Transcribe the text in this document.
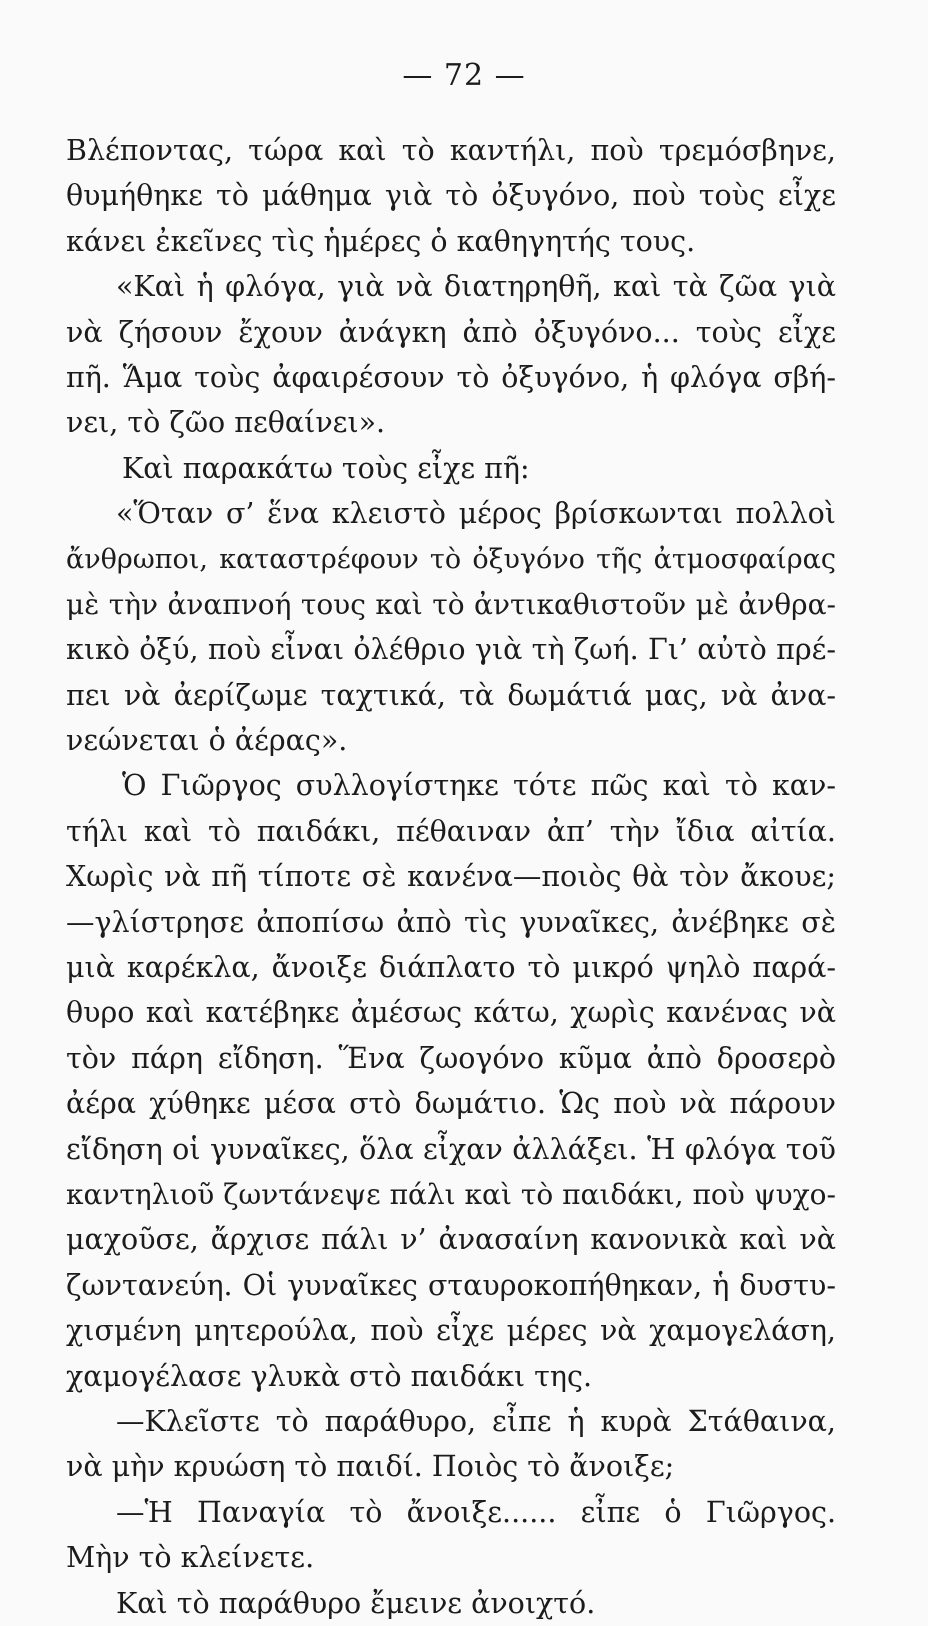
— 72 —
Βλέποντας, τώρα καὶ τὸ καντήλι, ποὺ τρεμόσβηνε,
θυμήθηκε τὸ μάθημα γιὰ τὸ ὀξυγόνο, ποὺ τοὺς εἶχε
κάνει ἐκεῖνες τὶς ἡμέρες ὁ καθηγητής τους.
«Καὶ ἡ φλόγα, γιὰ νὰ διατηρηθῆ, καὶ τὰ ζῶα γιὰ
νὰ ζήσουν ἔχουν ἀνάγκη ἀπὸ ὀξυγόνο... τοὺς εἶχε
πῆ. Ἅμα τοὺς ἀφαιρέσουν τὸ ὀξυγόνο, ἡ φλόγα σβή-
νει, τὸ ζῶο πεθαίνει».
Καὶ παρακάτω τοὺς εἶχε πῆ:
«Ὅταν σ’ ἕνα κλειστὸ μέρος βρίσκωνται πολλοὶ
ἄνθρωποι, καταστρέφουν τὸ ὀξυγόνο τῆς ἀτμοσφαίρας
μὲ τὴν ἀναπνοή τους καὶ τὸ ἀντικαθιστοῦν μὲ ἀνθρα-
κικὸ ὀξύ, ποὺ εἶναι ὀλέθριο γιὰ τὴ ζωή. Γι’ αὐτὸ πρέ-
πει νὰ ἀερίζωμε ταχτικά, τὰ δωμάτιά μας, νὰ ἀνα-
νεώνεται ὁ ἀέρας».
Ὁ Γιῶργος συλλογίστηκε τότε πῶς καὶ τὸ καν-
τήλι καὶ τὸ παιδάκι, πέθαιναν ἀπ’ τὴν ἴδια αἰτία.
Χωρὶς νὰ πῆ τίποτε σὲ κανένα—ποιὸς θὰ τὸν ἄκουε;
—γλίστρησε ἀποπίσω ἀπὸ τὶς γυναῖκες, ἀνέβηκε σὲ
μιὰ καρέκλα, ἄνοιξε διάπλατο τὸ μικρό ψηλὸ παρά-
θυρο καὶ κατέβηκε ἀμέσως κάτω, χωρὶς κανένας νὰ
τὸν πάρη εἴδηση. Ἕνα ζωογόνο κῦμα ἀπὸ δροσερὸ
ἀέρα χύθηκε μέσα στὸ δωμάτιο. Ὡς ποὺ νὰ πάρουν
εἴδηση οἱ γυναῖκες, ὅλα εἶχαν ἀλλάξει. Ἡ φλόγα τοῦ
καντηλιοῦ ζωντάνεψε πάλι καὶ τὸ παιδάκι, ποὺ ψυχο-
μαχοῦσε, ἄρχισε πάλι ν’ ἀνασαίνη κανονικὰ καὶ νὰ
ζωντανεύη. Οἱ γυναῖκες σταυροκοπήθηκαν, ἡ δυστυ-
χισμένη μητερούλα, ποὺ εἶχε μέρες νὰ χαμογελάση,
χαμογέλασε γλυκὰ στὸ παιδάκι της.
—Κλεῖστε τὸ παράθυρο, εἶπε ἡ κυρὰ Στάθαινα,
νὰ μὴν κρυώση τὸ παιδί. Ποιὸς τὸ ἄνοιξε;
—Ἡ Παναγία τὸ ἄνοιξε...... εἶπε ὁ Γιῶργος.
Μὴν τὸ κλείνετε.
Καὶ τὸ παράθυρο ἔμεινε ἀνοιχτό.
